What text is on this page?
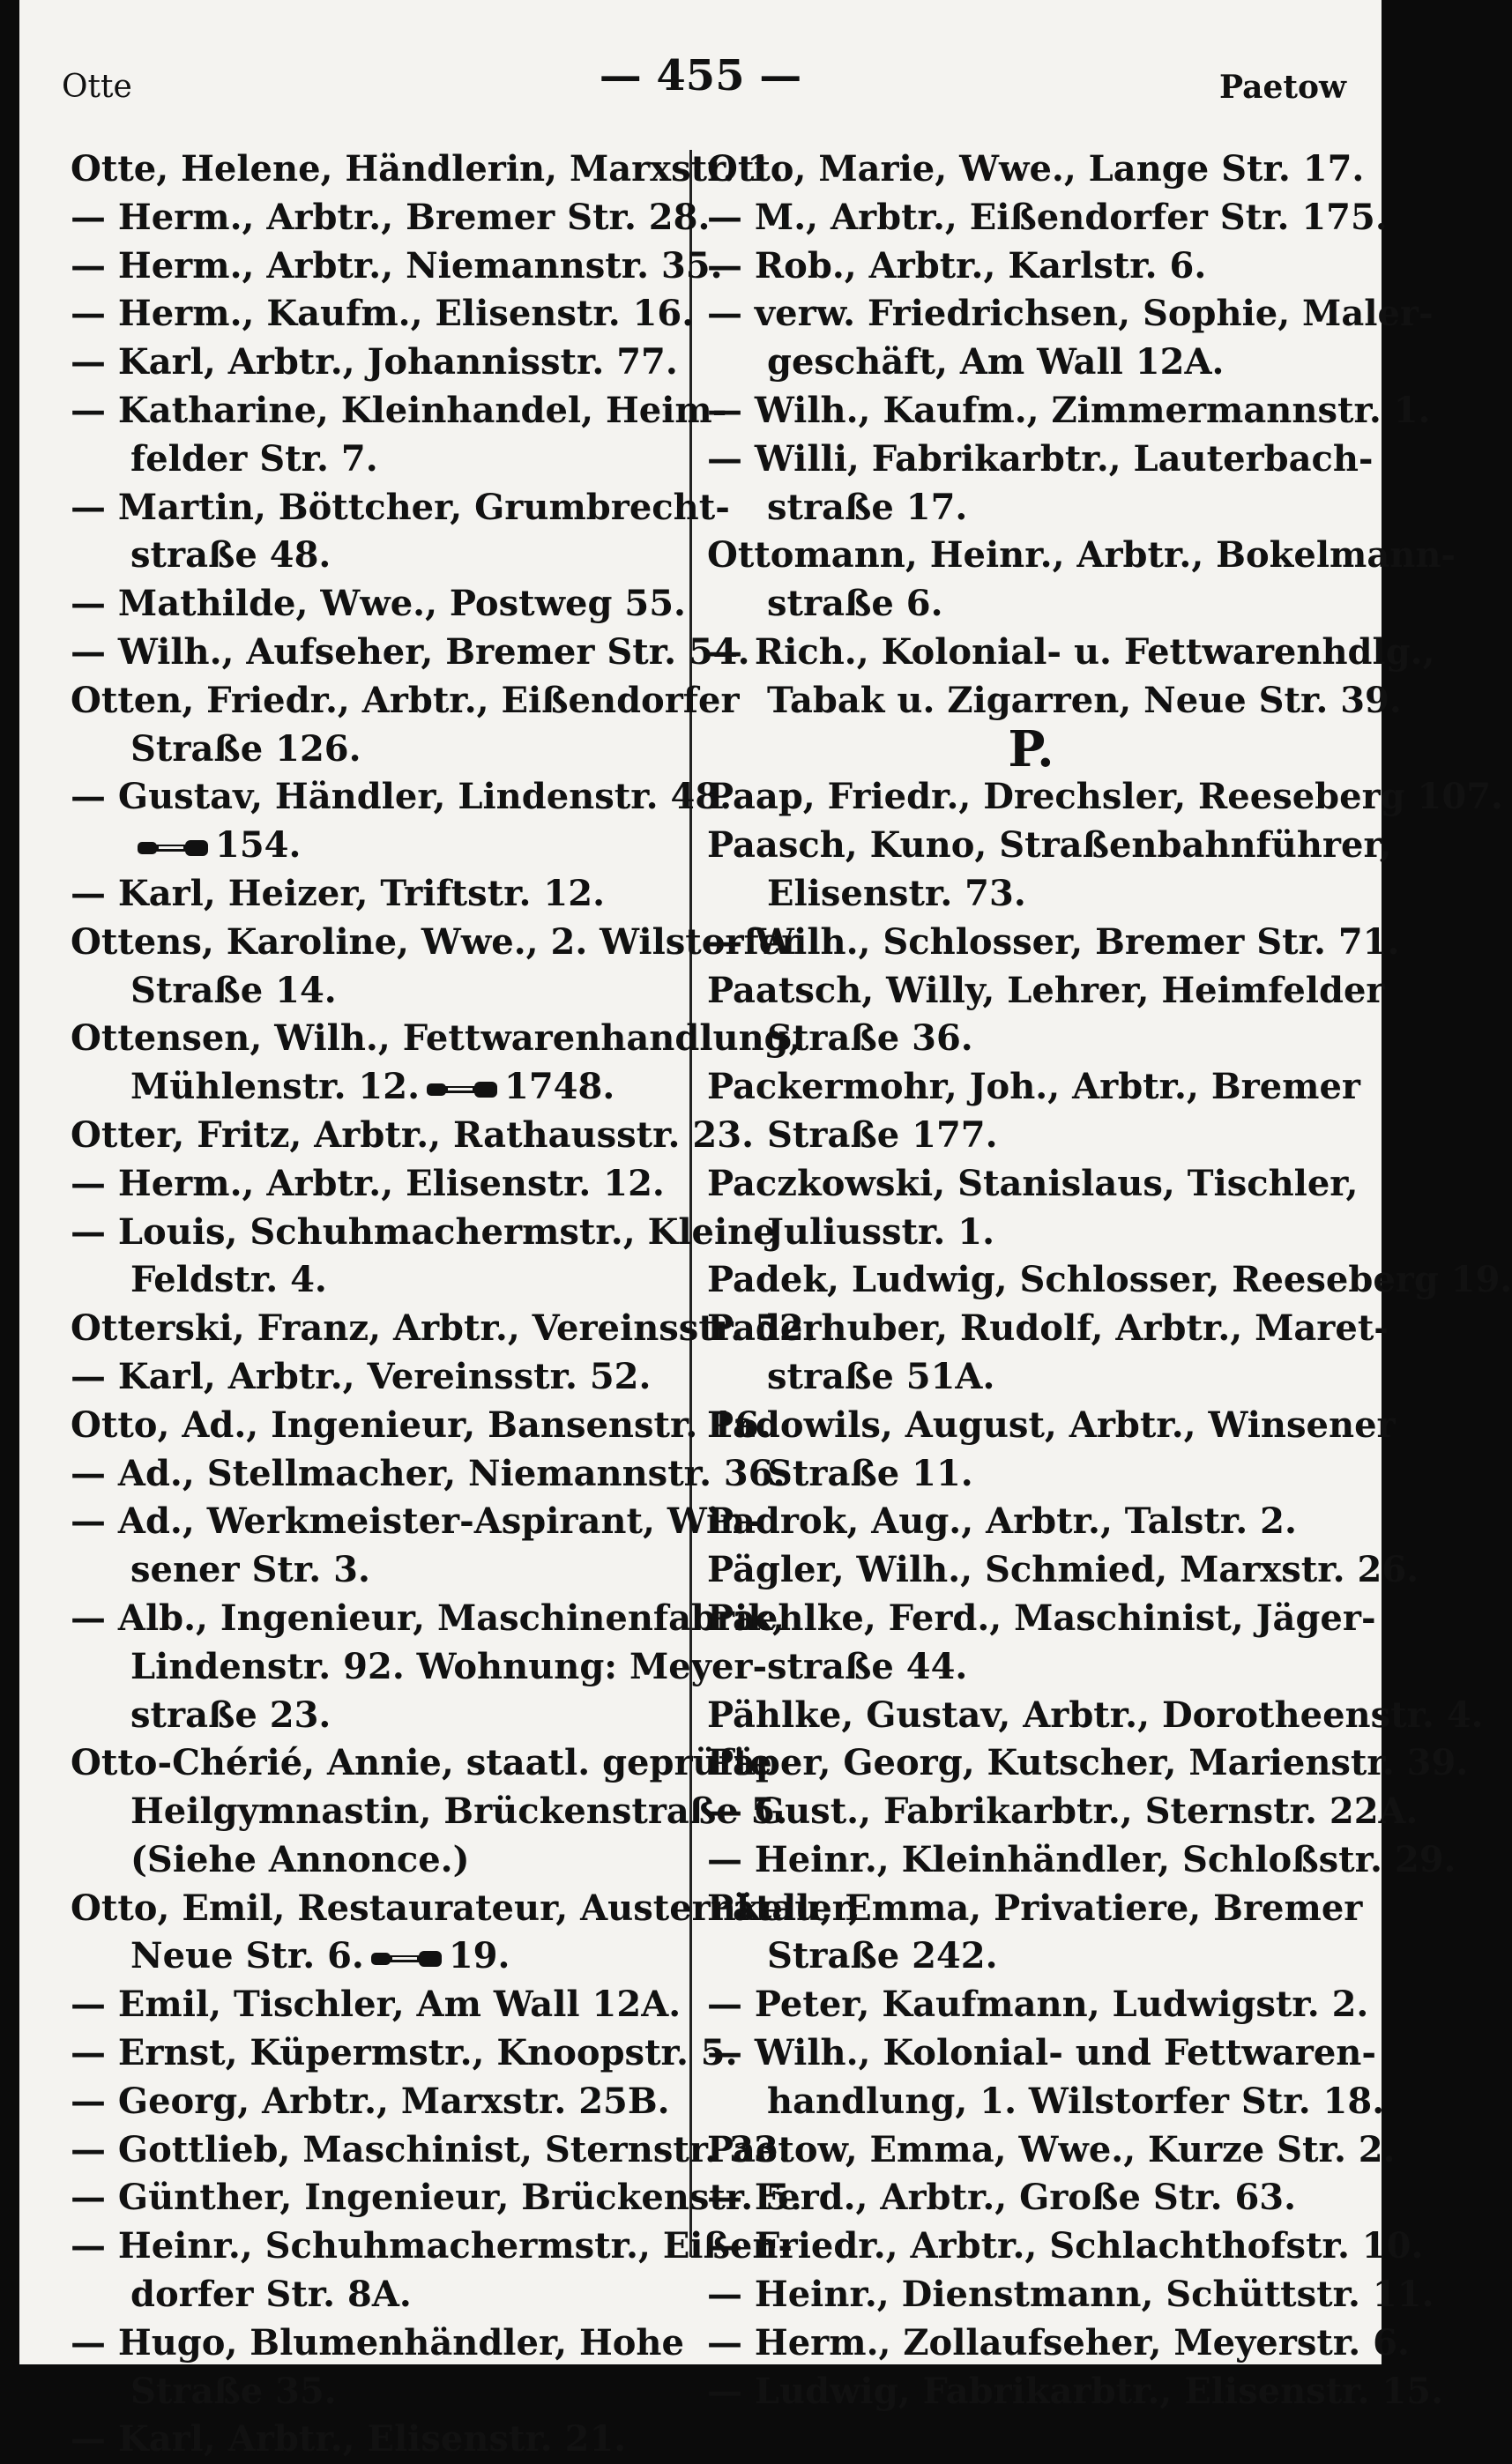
Otte	— 455 —	Paetow
Otte, Helene, Händlerin, Marxstr. 1.
— Herm., Arbtr., Bremer Str. 28.
— Herm., Arbtr., Niemannstr. 35.
— Herm., Kaufm., Elisenstr. 16.
— Karl, Arbtr., Johannisstr. 77.
— Katharine, Kleinhandel, Heim-
felder Str. 7.
— Martin, Böttcher, Grumbrecht-
straße 48.
— Mathilde, Wwe., Postweg 55.
— Wilh., Aufseher, Bremer Str. 54.
Otten, Friedr., Arbtr., Eißendorfer
Straße 126.
— Gustav, Händler, Lindenstr. 48.
154.
— Karl, Heizer, Triftstr. 12.
Ottens, Karoline, Wwe., 2. Wilstorfer
Straße 14.
Ottensen, Wilh., Fettwarenhandlung,
Mühlenstr. 12. 1748.
Otter, Fritz, Arbtr., Rathausstr. 23.
— Herm., Arbtr., Elisenstr. 12.
— Louis, Schuhmachermstr., Kleine
Feldstr. 4.
Otterski, Franz, Arbtr., Vereinsstr. 52.
— Karl, Arbtr., Vereinsstr. 52.
Otto, Ad., Ingenieur, Bansenstr. 16.
— Ad., Stellmacher, Niemannstr. 36.
— Ad., Werkmeister-Aspirant, Win-
sener Str. 3.
— Alb., Ingenieur, Maschinenfabrik,
Lindenstr. 92. Wohnung: Meyer-
straße 23.
Otto-Chérié, Annie, staatl. geprüfte
Heilgymnastin, Brückenstraße 5.
(Siehe Annonce.)
Otto, Emil, Restaurateur, Austernkeller,
Neue Str. 6. 19.
— Emil, Tischler, Am Wall 12A.
— Ernst, Küpermstr., Knoopstr. 5.
— Georg, Arbtr., Marxstr. 25B.
— Gottlieb, Maschinist, Sternstr. 33.
— Günther, Ingenieur, Brückenstr. 5.
— Heinr., Schuhmachermstr., Eißen-
dorfer Str. 8A.
— Hugo, Blumenhändler, Hohe
Straße 35.
— Karl, Arbtr., Elisenstr. 21.
Otto, Marie, Wwe., Lange Str. 17.
— M., Arbtr., Eißendorfer Str. 175.
— Rob., Arbtr., Karlstr. 6.
— verw. Friedrichsen, Sophie, Maler-
geschäft, Am Wall 12A.
— Wilh., Kaufm., Zimmermannstr. 1.
— Willi, Fabrikarbtr., Lauterbach-
straße 17.
Ottomann, Heinr., Arbtr., Bokelmann-
straße 6.
— Rich., Kolonial- u. Fettwarenhdlg.,
Tabak u. Zigarren, Neue Str. 39.
P.
Paap, Friedr., Drechsler, Reeseberg 107.
Paasch, Kuno, Straßenbahnführer,
Elisenstr. 73.
— Wilh., Schlosser, Bremer Str. 71.
Paatsch, Willy, Lehrer, Heimfelder
Straße 36.
Packermohr, Joh., Arbtr., Bremer
Straße 177.
Paczkowski, Stanislaus, Tischler,
Juliusstr. 1.
Padek, Ludwig, Schlosser, Reeseberg 19.
Paderhuber, Rudolf, Arbtr., Maret-
straße 51A.
Padowils, August, Arbtr., Winsener
Straße 11.
Padrok, Aug., Arbtr., Talstr. 2.
Pägler, Wilh., Schmied, Marxstr. 26.
Paehlke, Ferd., Maschinist, Jäger-
straße 44.
Pählke, Gustav, Arbtr., Dorotheenstr. 4.
Päper, Georg, Kutscher, Marienstr. 39.
— Gust., Fabrikarbtr., Sternstr. 22A.
— Heinr., Kleinhändler, Schloßstr. 29.
Pätau, Emma, Privatiere, Bremer
Straße 242.
— Peter, Kaufmann, Ludwigstr. 2.
— Wilh., Kolonial- und Fettwaren-
handlung, 1. Wilstorfer Str. 18.
Paetow, Emma, Wwe., Kurze Str. 2.
— Ferd., Arbtr., Große Str. 63.
— Friedr., Arbtr., Schlachthofstr. 10.
— Heinr., Dienstmann, Schüttstr. 11.
— Herm., Zollaufseher, Meyerstr. 6.
— Ludwig, Fabrikarbtr., Elisenstr. 15.
